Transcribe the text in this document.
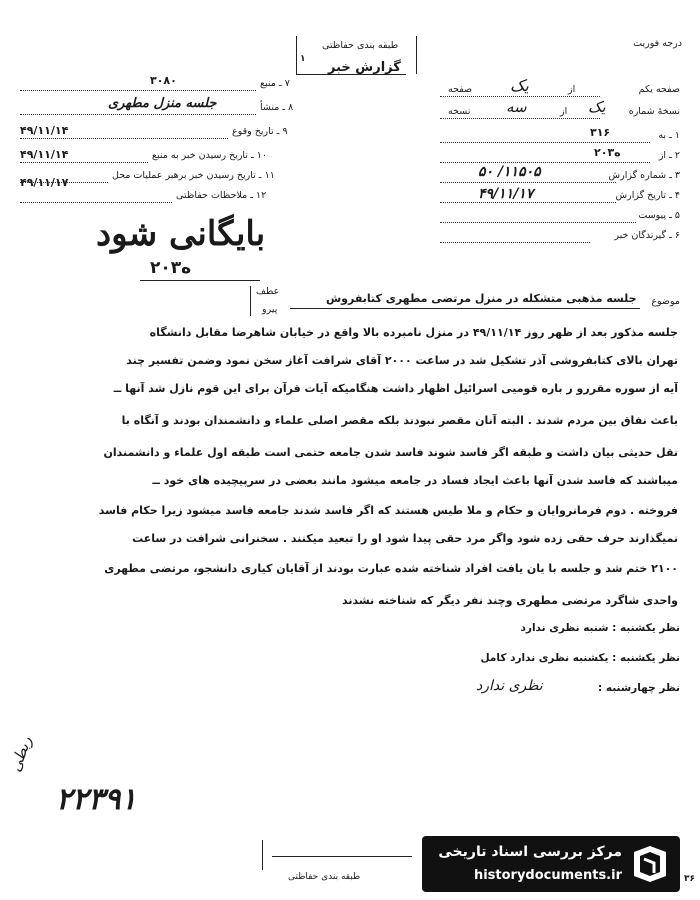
درجه فوریت
طبقه بندی حفاظتی
۱
گزارش خبر
۷ ـ منبع
۳۰۸۰
۸ ـ منشأ
جلسه منزل مطهری
۹ ـ تاریخ وقوع
۴۹/۱۱/۱۴
۱۰ ـ تاریخ رسیدن خبر به منبع
۴۹/۱۱/۱۴
۱۱ ـ تاریخ رسیدن خبر برهبر عملیات محل
۱۲ ـ ملاحظات حفاظتی
۴۹/۱۱/۱۷
صفحه یکم
از
یک
صفحه
نسخهٔ شماره
یک
از
سه
نسخه
۱ ـ به
۳۱۶
۲ ـ از
۲۰ه۳
۳ ـ شماره گزارش
۵۰ /۱۱۵۰۵
۴ ـ تاریخ گزارش
۴۹/۱۱/۱۷
۵ ـ پیوست
۶ ـ گیرندگان خبر
بایگانی شود
۲۰ه۳
عطف
پیرو
موضوع
جلسه مذهبی متشکله در منزل مرتضی مطهری کتابفروش
جلسه مذکور بعد از ظهر روز ۴۹/۱۱/۱۴ در منزل نامبرده بالا واقع در خیابان شاهرضا مقابل دانشگاه
تهران بالای کتابفروشی آذر تشکیل شد در ساعت ۲۰۰۰ آقای شرافت آغاز سخن نمود وضمن تفسیر چند
آیه از سوره مقررو ر باره قومیی اسرائیل اظهار داشت هنگامیکه آیات قرآن برای این قوم نازل شد آنها ــ
باعث نفاق بین مردم شدند . البته آنان مقصر نبودند بلکه مقصر اصلی علماء و دانشمندان بودند و آنگاه با
نقل حدیثی بیان داشت و طبقه اگر فاسد شوند فاسد شدن جامعه حتمی است طبقه اول علماء و دانشمندان
میباشند که فاسد شدن آنها باعث ایجاد فساد در جامعه میشود مانند بعضی در سرپیچیده های خود ــ
فروخته . دوم فرمانروایان و حکام و ملا طیس هستند که اگر فاسد شدند جامعه فاسد میشود زیرا حکام فاسد
نمیگذارند حرف حقی زده شود واگر مرد حقی پیدا شود او را تبعید میکنند . سخنرانی شرافت در ساعت
۲۱۰۰ ختم شد و جلسه با یان یافت افراد شناخته شده عبارت بودند از آقایان کیاری دانشجو، مرتضی مطهری
واحدی شاگرد مرتضی مطهری وچند نفر دیگر که شناخته نشدند
نظر یکشنبه : شنبه نظری ندارد
نظر یکشنبه : یکشنبه نظری ندارد کامل
نظر چهارشنبه :
نظری ندارد
۲۲۳۹۱
ربطی
طبقه بندی حفاظتی	۳۶
مرکز بررسی اسناد تاریخی
historydocuments.ir
